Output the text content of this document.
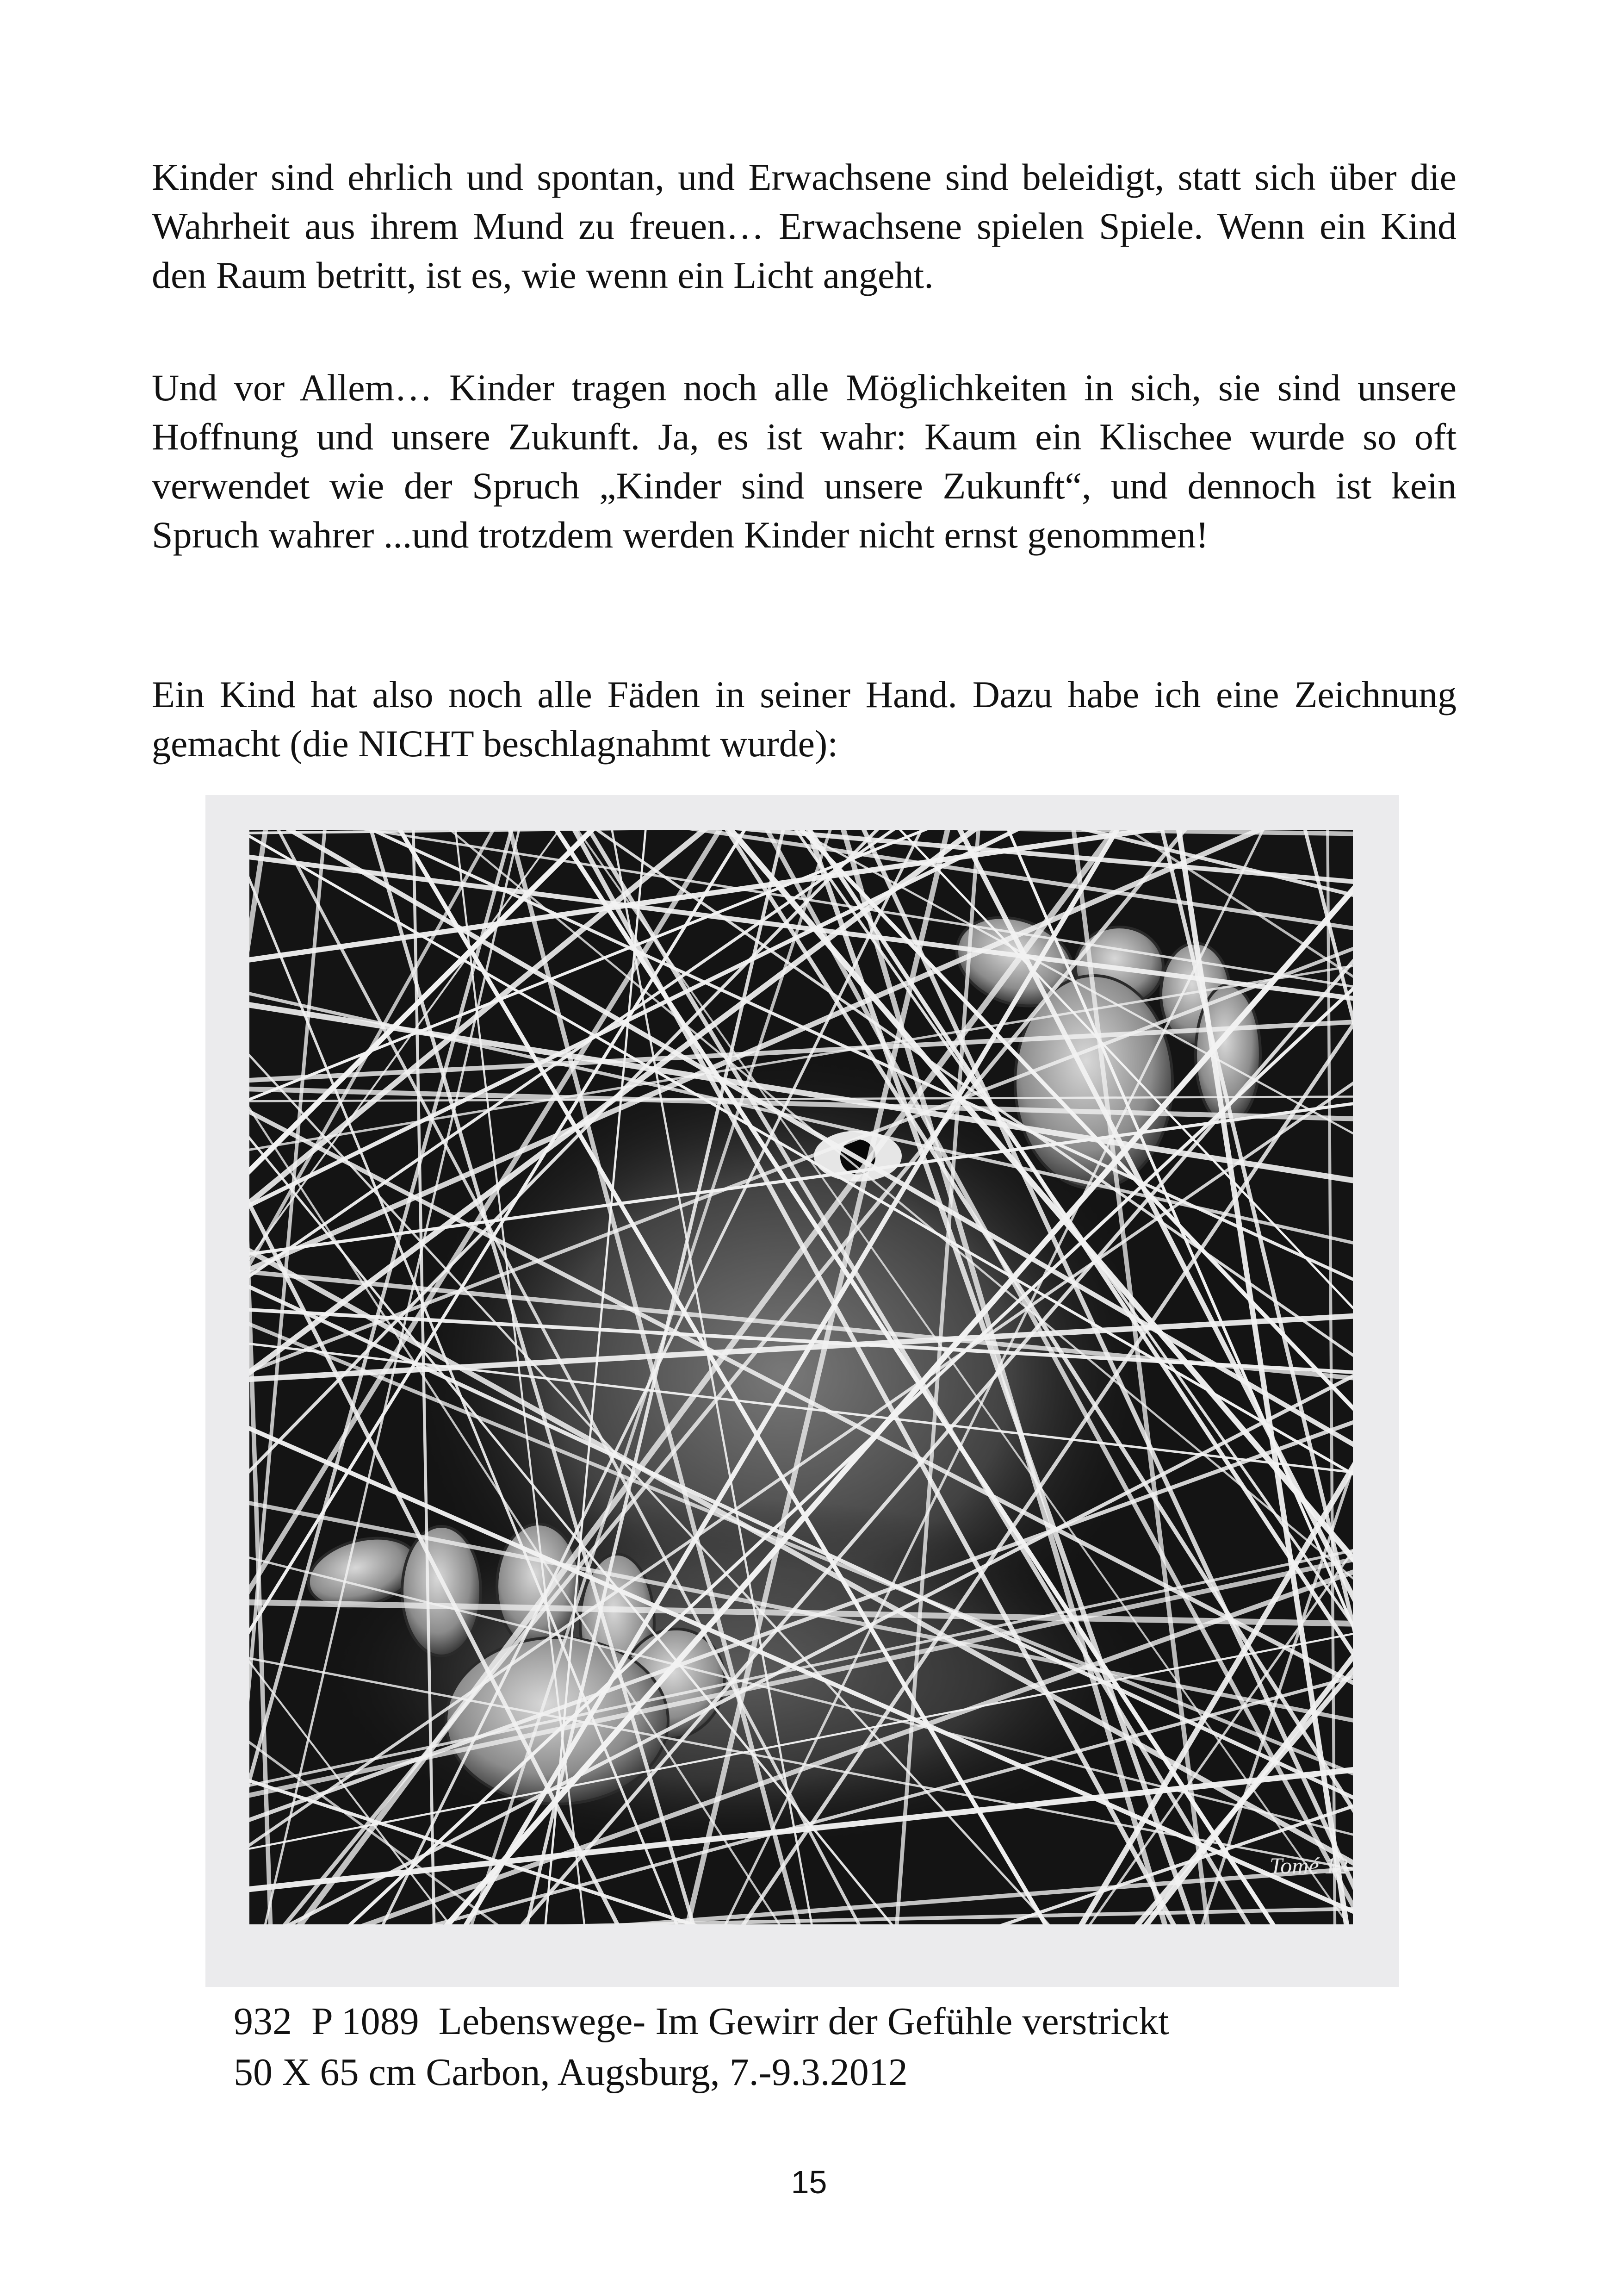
Kinder sind ehrlich und spontan, und Erwachsene sind beleidigt, statt sich über die Wahrheit aus ihrem Mund zu freuen… Erwachsene spielen Spiele. Wenn ein Kind den Raum betritt, ist es, wie wenn ein Licht angeht.

Und vor Allem… Kinder tragen noch alle Möglichkeiten in sich, sie sind unsere Hoffnung und unsere Zukunft. Ja, es ist wahr: Kaum ein Klischee wurde so oft verwendet wie der Spruch „Kinder sind unsere Zukunft“, und dennoch ist kein Spruch wahrer ...und trotzdem werden Kinder nicht ernst genommen!

Ein Kind hat also noch alle Fäden in seiner Hand. Dazu habe ich eine Zeichnung gemacht (die NICHT beschlagnahmt wurde):

Tomé 12

932  P 1089  Lebenswege- Im Gewirr der Gefühle verstrickt

50 X 65 cm Carbon, Augsburg, 7.-9.3.2012

15
